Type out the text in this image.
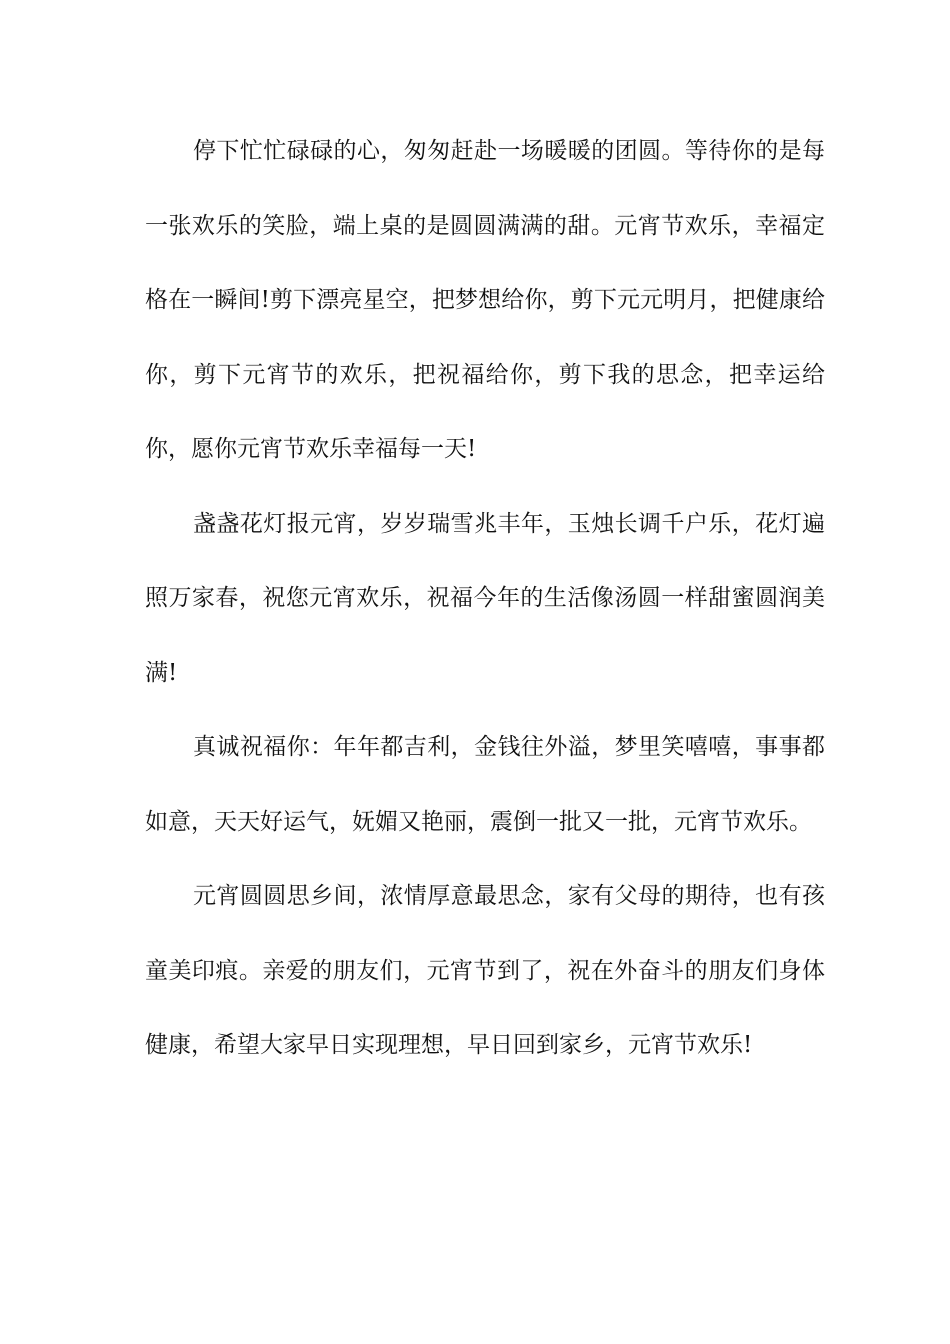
停下忙忙碌碌的心，匆匆赶赴一场暖暖的团圆。等待你的是每一张欢乐的笑脸，端上桌的是圆圆满满的甜。元宵节欢乐，幸福定格在一瞬间!剪下漂亮星空，把梦想给你，剪下元元明月，把健康给你，剪下元宵节的欢乐，把祝福给你，剪下我的思念，把幸运给你，愿你元宵节欢乐幸福每一天!

盏盏花灯报元宵，岁岁瑞雪兆丰年，玉烛长调千户乐，花灯遍照万家春，祝您元宵欢乐，祝福今年的生活像汤圆一样甜蜜圆润美满!

真诚祝福你：年年都吉利，金钱往外溢，梦里笑嘻嘻，事事都如意，天天好运气，妩媚又艳丽，震倒一批又一批，元宵节欢乐。

元宵圆圆思乡间，浓情厚意最思念，家有父母的期待，也有孩童美印痕。亲爱的朋友们，元宵节到了，祝在外奋斗的朋友们身体健康，希望大家早日实现理想，早日回到家乡，元宵节欢乐!
